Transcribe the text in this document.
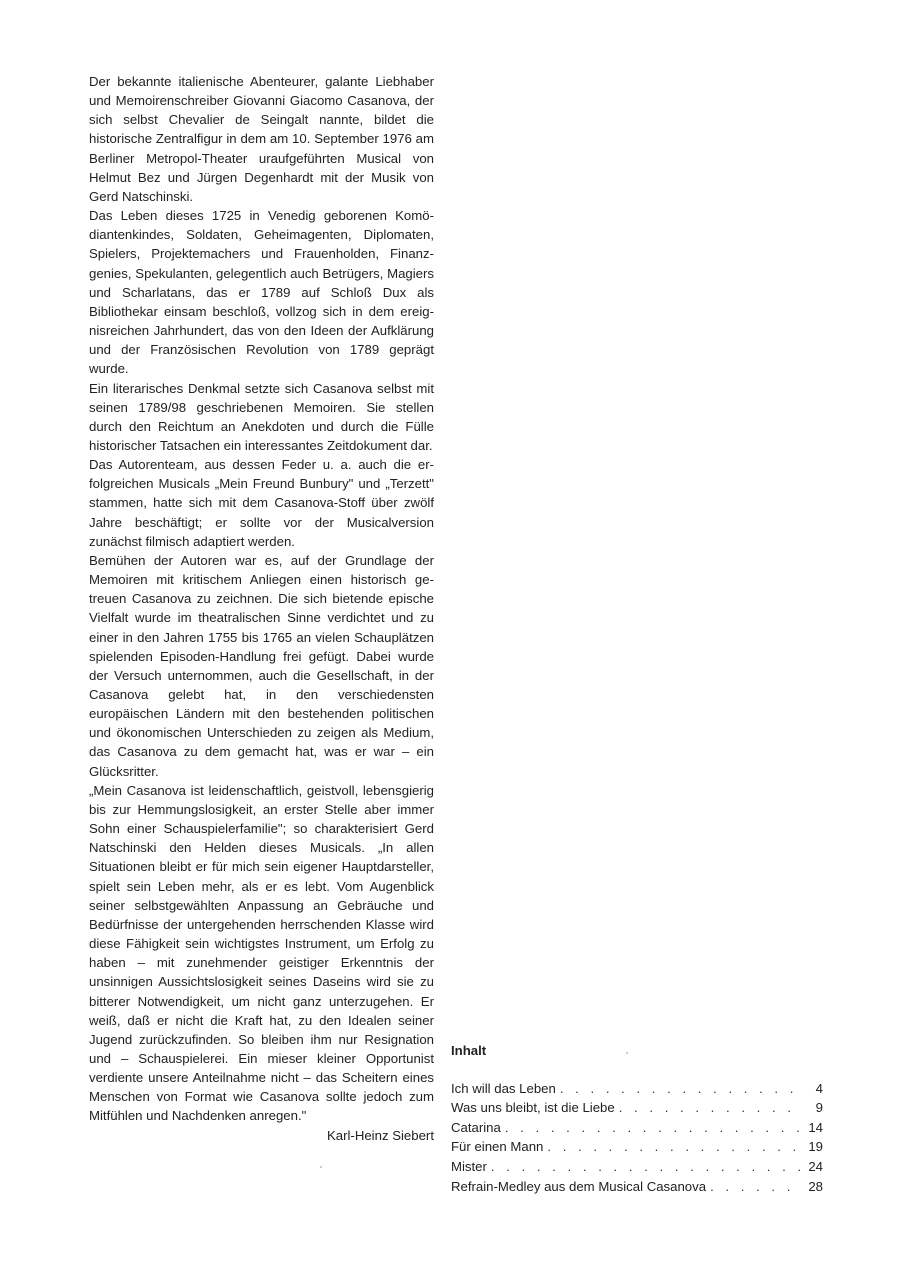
Der bekannte italienische Abenteurer, galante Liebhaber und Memoirenschreiber Giovanni Giacomo Casanova, der sich selbst Chevalier de Seingalt nannte, bildet die historische Zentralfigur in dem am 10. September 1976 am Berliner Metropol-Theater uraufgeführten Musical von Helmut Bez und Jürgen Degenhardt mit der Musik von Gerd Natschinski.

Das Leben dieses 1725 in Venedig geborenen Komödiantenkindes, Soldaten, Geheimagenten, Diplomaten, Spielers, Projektemachers und Frauenholden, Finanzgenies, Spekulanten, gelegentlich auch Betrügers, Magiers und Scharlatans, das er 1789 auf Schloß Dux als Bibliothekar einsam beschloß, vollzog sich in dem ereignisreichen Jahrhundert, das von den Ideen der Aufklärung und der Französischen Revolution von 1789 geprägt wurde.

Ein literarisches Denkmal setzte sich Casanova selbst mit seinen 1789/98 geschriebenen Memoiren. Sie stellen durch den Reichtum an Anekdoten und durch die Fülle historischer Tatsachen ein interessantes Zeitdokument dar.

Das Autorenteam, aus dessen Feder u. a. auch die erfolgreichen Musicals „Mein Freund Bunbury" und „Terzett" stammen, hatte sich mit dem Casanova-Stoff über zwölf Jahre beschäftigt; er sollte vor der Musicalversion zunächst filmisch adaptiert werden.

Bemühen der Autoren war es, auf der Grundlage der Memoiren mit kritischem Anliegen einen historisch getreuen Casanova zu zeichnen. Die sich bietende epische Vielfalt wurde im theatralischen Sinne verdichtet und zu einer in den Jahren 1755 bis 1765 an vielen Schauplätzen spielenden Episoden-Handlung frei gefügt. Dabei wurde der Versuch unternommen, auch die Gesellschaft, in der Casanova gelebt hat, in den verschiedensten europäischen Ländern mit den bestehenden politischen und ökonomischen Unterschieden zu zeigen als Medium, das Casanova zu dem gemacht hat, was er war – ein Glücksritter.

„Mein Casanova ist leidenschaftlich, geistvoll, lebensgierig bis zur Hemmungslosigkeit, an erster Stelle aber immer Sohn einer Schauspielerfamilie"; so charakterisiert Gerd Natschinski den Helden dieses Musicals. „In allen Situationen bleibt er für mich sein eigener Hauptdarsteller, spielt sein Leben mehr, als er es lebt. Vom Augenblick seiner selbstgewählten Anpassung an Gebräuche und Bedürfnisse der untergehenden herrschenden Klasse wird diese Fähigkeit sein wichtigstes Instrument, um Erfolg zu haben – mit zunehmender geistiger Erkenntnis der unsinnigen Aussichtslosigkeit seines Daseins wird sie zu bitterer Notwendigkeit, um nicht ganz unterzugehen. Er weiß, daß er nicht die Kraft hat, zu den Idealen seiner Jugend zurückzufinden. So bleiben ihm nur Resignation und – Schauspielerei. Ein mieser kleiner Opportunist verdiente unsere Anteilnahme nicht – das Scheitern eines Menschen von Format wie Casanova sollte jedoch zum Mitfühlen und Nachdenken anregen."

Karl-Heinz Siebert
Inhalt
Ich will das Leben . . .	4
Was uns bleibt, ist die Liebe . . .	9
Catarina . . .	14
Für einen Mann . . .	19
Mister . . .	24
Refrain-Medley aus dem Musical Casanova . . .	28
